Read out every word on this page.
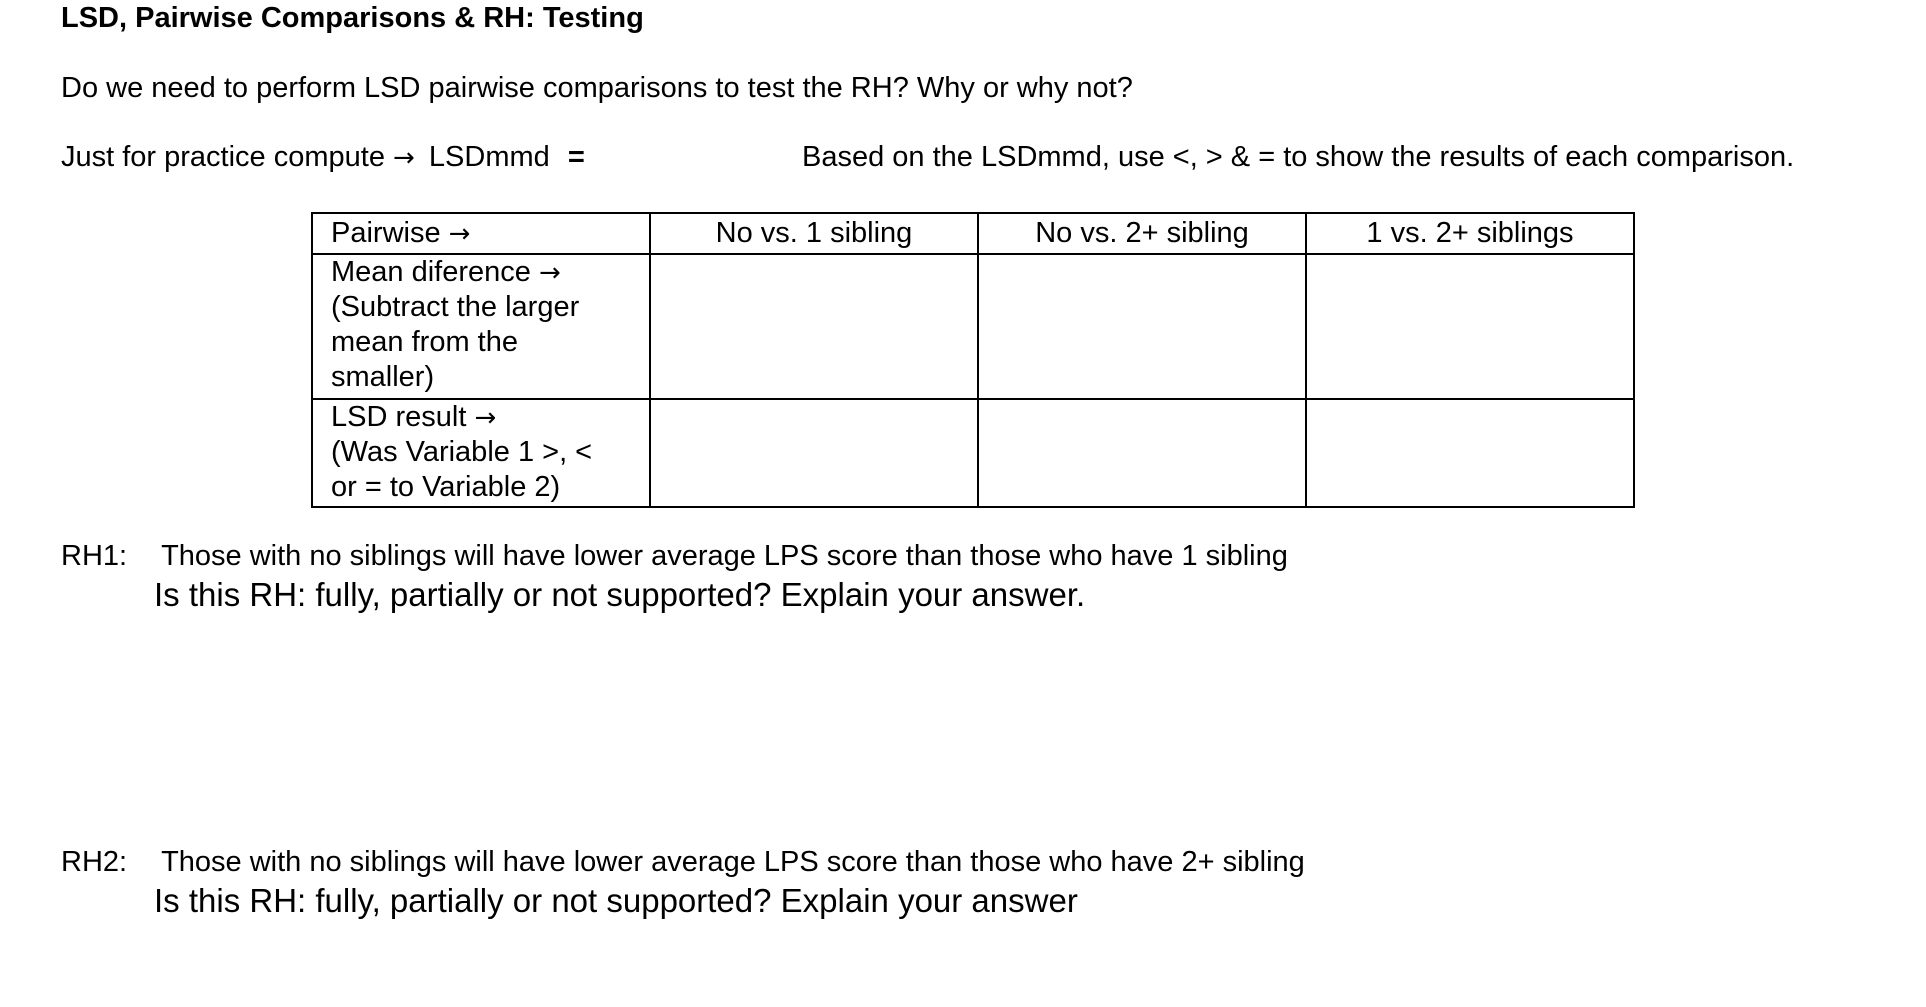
LSD, Pairwise Comparisons & RH: Testing
Do we need to perform LSD pairwise comparisons to test the RH? Why or why not?
Just for practice compute → LSDmmd =	Based on the LSDmmd, use <, > & = to show the results of each comparison.
Pairwise →	No vs. 1 sibling	No vs. 2+ sibling	1 vs. 2+ siblings
Mean diference →
(Subtract the larger
mean from the
smaller)			

LSD result →
(Was Variable 1 >, <
or = to Variable 2)			

RH1: Those with no siblings will have lower average LPS score than those who have 1 sibling
Is this RH: fully, partially or not supported? Explain your answer.
RH2: Those with no siblings will have lower average LPS score than those who have 2+ sibling
Is this RH: fully, partially or not supported? Explain your answer
